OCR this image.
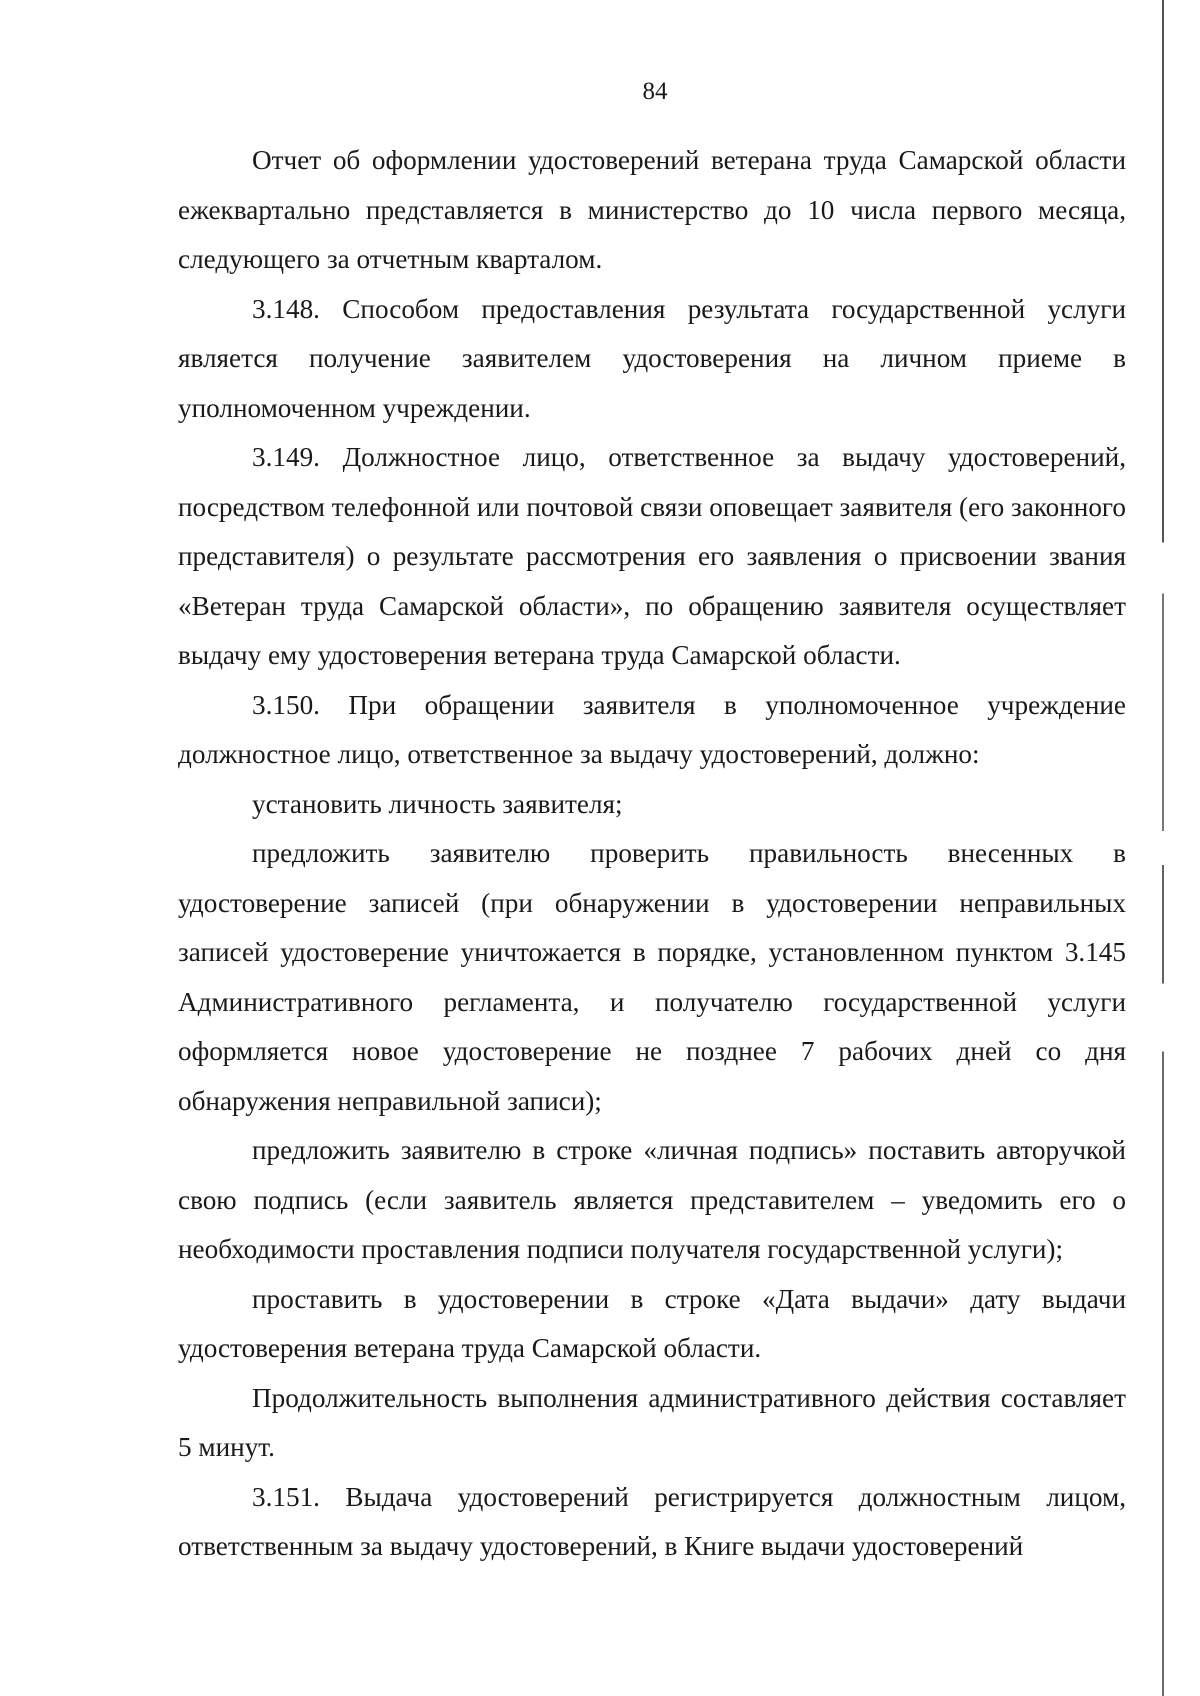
84

Отчет об оформлении удостоверений ветерана труда Самарской области ежеквартально представляется в министерство до 10 числа первого месяца, следующего за отчетным кварталом.

3.148. Способом предоставления результата государственной услуги является получение заявителем удостоверения на личном приеме в уполномоченном учреждении.

3.149. Должностное лицо, ответственное за выдачу удостоверений, посредством телефонной или почтовой связи оповещает заявителя (его законного представителя) о результате рассмотрения его заявления о присвоении звания «Ветеран труда Самарской области», по обращению заявителя осуществляет выдачу ему удостоверения ветерана труда Самарской области.

3.150. При обращении заявителя в уполномоченное учреждение должностное лицо, ответственное за выдачу удостоверений, должно:

установить личность заявителя;

предложить заявителю проверить правильность внесенных в удостоверение записей (при обнаружении в удостоверении неправильных записей удостоверение уничтожается в порядке, установленном пунктом 3.145 Административного регламента, и получателю государственной услуги оформляется новое удостоверение не позднее 7 рабочих дней со дня обнаружения неправильной записи);

предложить заявителю в строке «личная подпись» поставить авторучкой свою подпись (если заявитель является представителем – уведомить его о необходимости проставления подписи получателя государственной услуги);

проставить в удостоверении в строке «Дата выдачи» дату выдачи удостоверения ветерана труда Самарской области.

Продолжительность выполнения административного действия составляет 5 минут.

3.151. Выдача удостоверений регистрируется должностным лицом, ответственным за выдачу удостоверений, в Книге выдачи удостоверений
